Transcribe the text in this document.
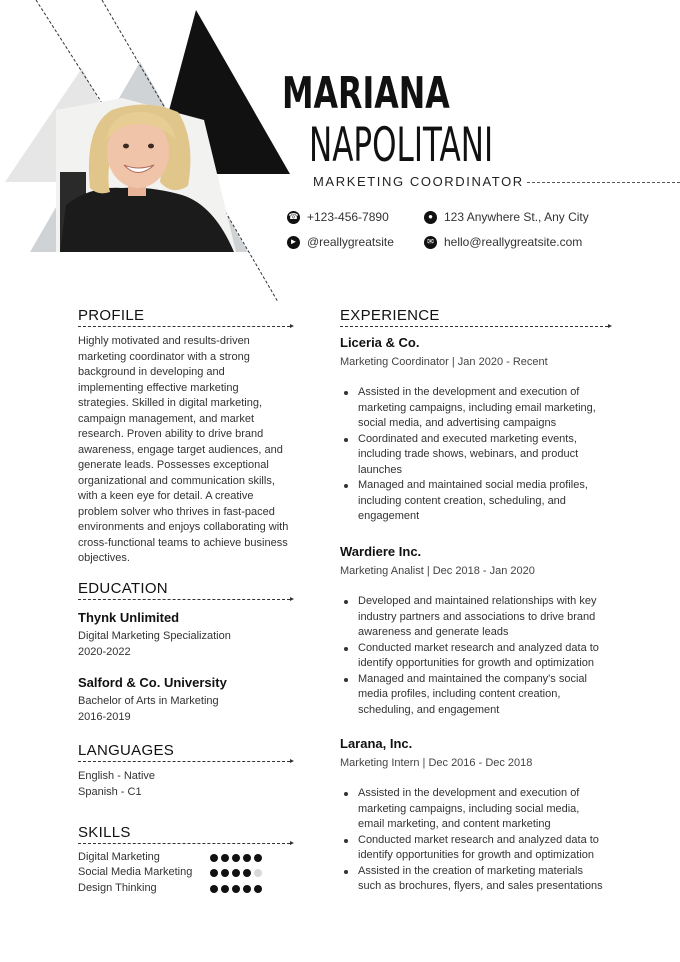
MARIANA
NAPOLITANI
MARKETING COORDINATOR
☎ +123-456-7890	● 123 Anywhere St., Any City
► @reallygreatsite	✉ hello@reallygreatsite.com
PROFILE

Highly motivated and results-driven marketing coordinator with a strong background in developing and implementing effective marketing strategies. Skilled in digital marketing, campaign management, and market research. Proven ability to drive brand awareness, engage target audiences, and generate leads. Possesses exceptional organizational and communication skills, with a keen eye for detail. A creative problem solver who thrives in fast-paced environments and enjoys collaborating with cross-functional teams to achieve business objectives.

EDUCATION
Thynk Unlimited
Digital Marketing Specialization
2020-2022
Salford & Co. University
Bachelor of Arts in Marketing
2016-2019
LANGUAGES
English - Native
Spanish - C1
SKILLS
Digital Marketing
Social Media Marketing
Design Thinking
EXPERIENCE
Liceria & Co.
Marketing Coordinator | Jan 2020 - Recent
Assisted in the development and execution of marketing campaigns, including email marketing, social media, and advertising campaigns
Coordinated and executed marketing events, including trade shows, webinars, and product launches
Managed and maintained social media profiles, including content creation, scheduling, and engagement
Wardiere Inc.
Marketing Analist | Dec 2018 - Jan 2020
Developed and maintained relationships with key industry partners and associations to drive brand awareness and generate leads
Conducted market research and analyzed data to identify opportunities for growth and optimization
Managed and maintained the company's social media profiles, including content creation, scheduling, and engagement
Larana, Inc.
Marketing Intern | Dec 2016 - Dec 2018
Assisted in the development and execution of marketing campaigns, including social media, email marketing, and content marketing
Conducted market research and analyzed data to identify opportunities for growth and optimization
Assisted in the creation of marketing materials such as brochures, flyers, and sales presentations
